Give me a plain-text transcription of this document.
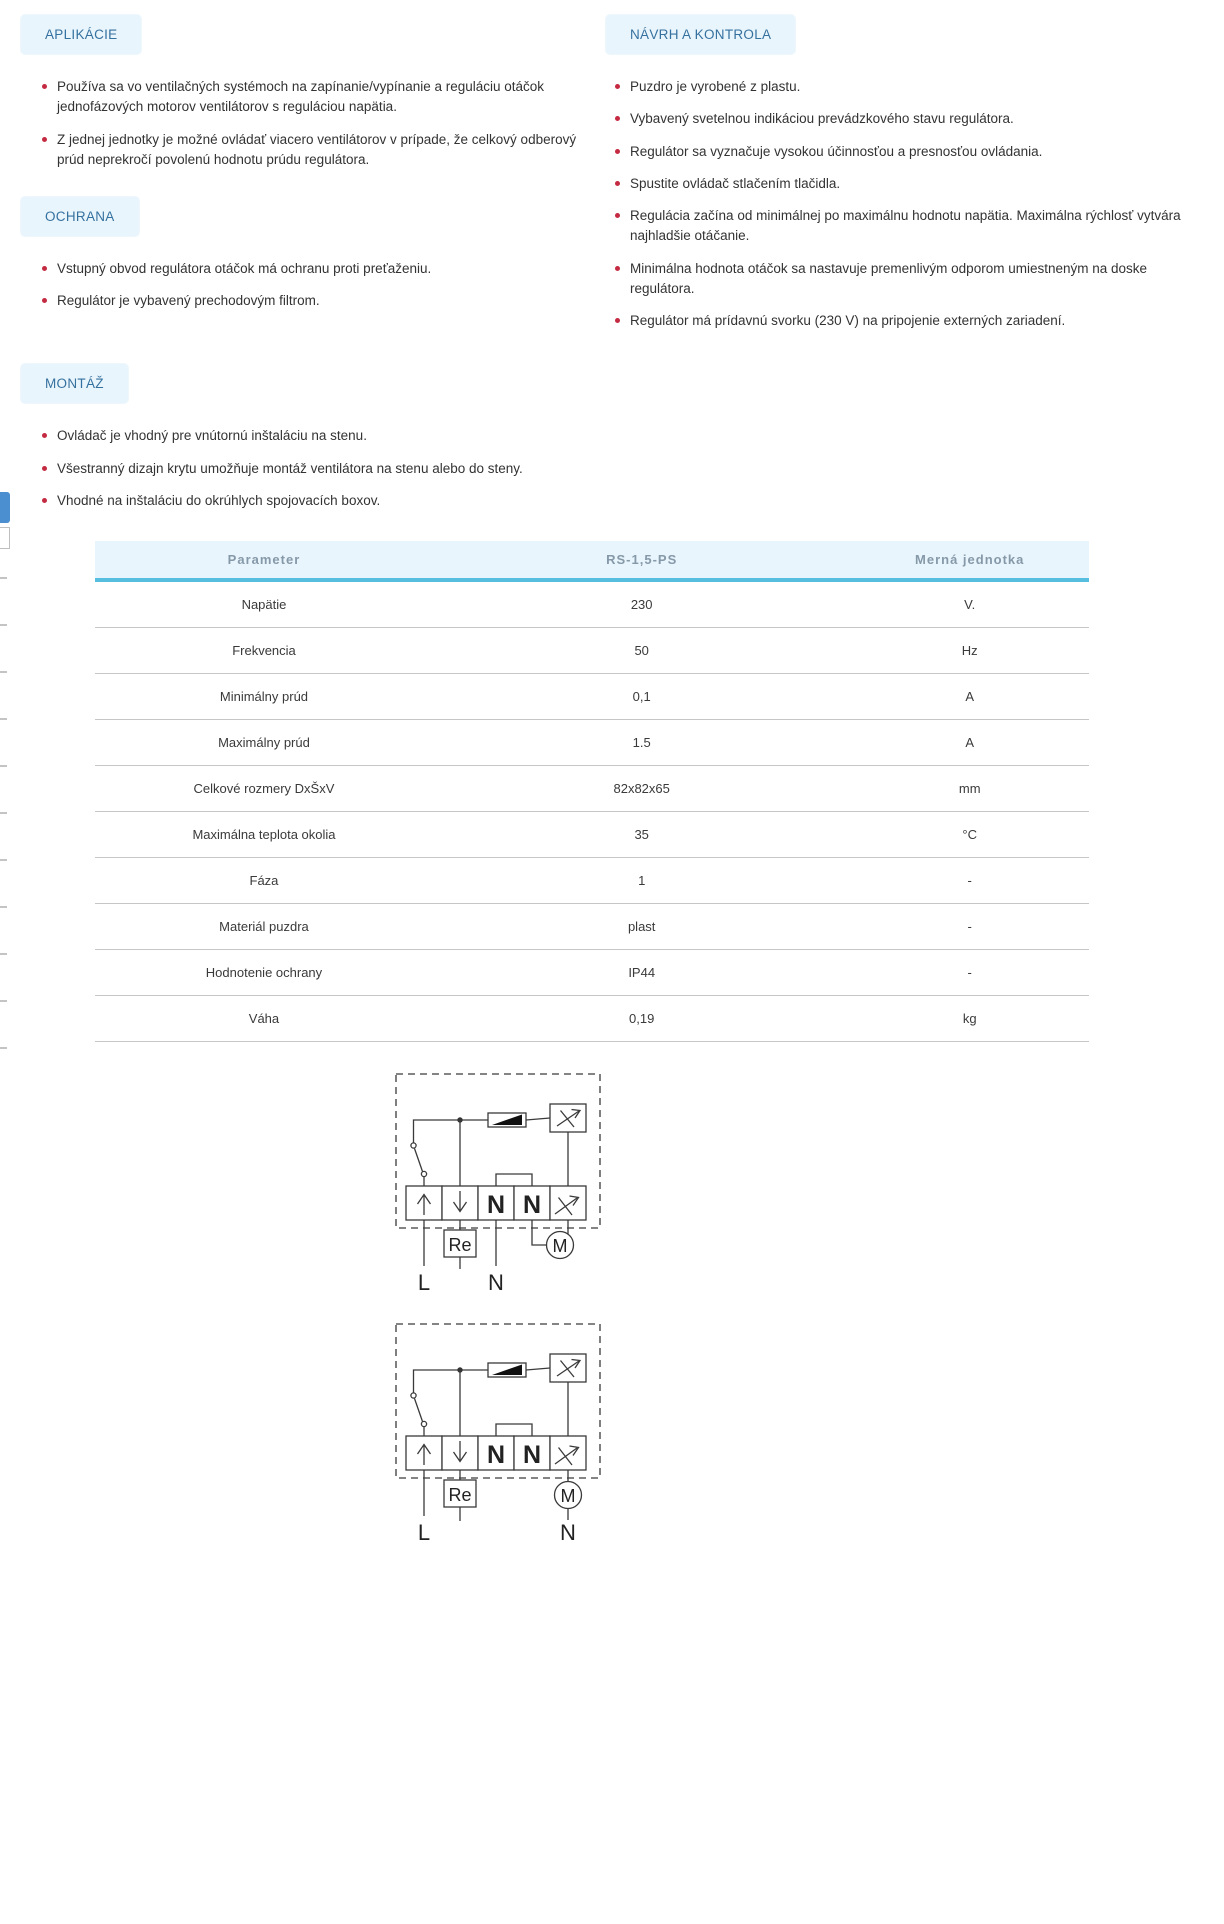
APLIKÁCIE
Používa sa vo ventilačných systémoch na zapínanie/vypínanie a reguláciu otáčok jednofázových motorov ventilátorov s reguláciou napätia.
Z jednej jednotky je možné ovládať viacero ventilátorov v prípade, že celkový odberový prúd neprekročí povolenú hodnotu prúdu regulátora.
OCHRANA
Vstupný obvod regulátora otáčok má ochranu proti preťaženiu.
Regulátor je vybavený prechodovým filtrom.
NÁVRH A KONTROLA
Puzdro je vyrobené z plastu.
Vybavený svetelnou indikáciou prevádzkového stavu regulátora.
Regulátor sa vyznačuje vysokou účinnosťou a presnosťou ovládania.
Spustite ovládač stlačením tlačidla.
Regulácia začína od minimálnej po maximálnu hodnotu napätia. Maximálna rýchlosť vytvára najhladšie otáčanie.
Minimálna hodnota otáčok sa nastavuje premenlivým odporom umiestneným na doske regulátora.
Regulátor má prídavnú svorku (230 V) na pripojenie externých zariadení.
MONTÁŽ
Ovládač je vhodný pre vnútornú inštaláciu na stenu.
Všestranný dizajn krytu umožňuje montáž ventilátora na stenu alebo do steny.
Vhodné na inštaláciu do okrúhlych spojovacích boxov.
Parameter	RS-1,5-PS	Merná jednotka
Napätie	230	V.
Frekvencia	50	Hz
Minimálny prúd	0,1	A
Maximálny prúd	1.5	A
Celkové rozmery DxŠxV	82x82x65	mm
Maximálna teplota okolia	35	°C
Fáza	1	-
Materiál puzdra	plast	-
Hodnotenie ochrany	IP44	-
Váha	0,19	kg
N N
Re	M
L	N
N N
Re	M
L	N
